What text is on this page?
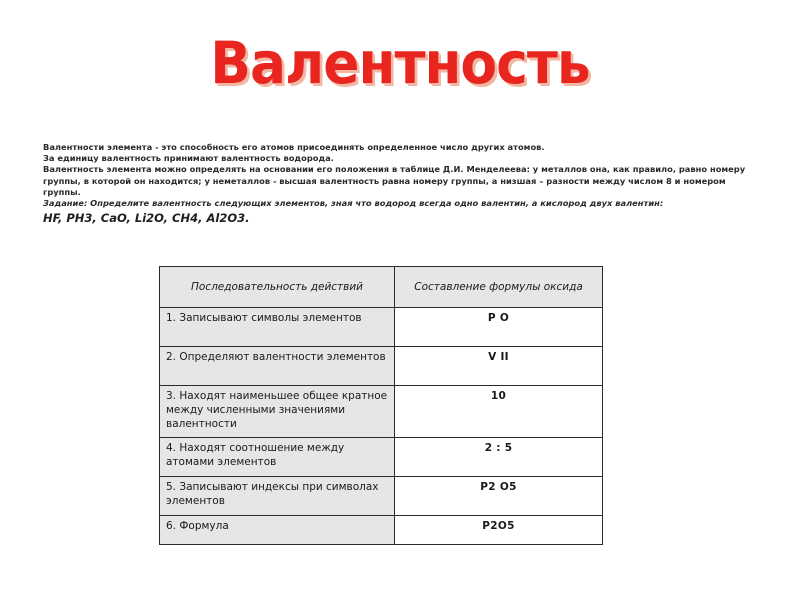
Валентность

Валентности элемента - это способность его атомов присоединять определенное число других атомов.

За единицу валентность принимают валентность водорода.

Валентность элемента можно определять на основании его положения в таблице Д.И. Менделеева: у металлов она, как правило, равно номеру группы, в которой он находится; у неметаллов - высшая валентность равна номеру группы, а низшая – разности между числом 8 и номером группы.

Задание: Определите валентность следующих элементов, зная что водород всегда одно валентин, а кислород двух валентин:

HF, PH3, CaO, Li2O, CH4, Al2O3.

Последовательность действий	Составление формулы оксида
1. Записывают символы элементов	P O
2. Определяют валентности элементов	V II
3. Находят наименьшее общее кратное между численными значениями валентности	10
4. Находят соотношение между атомами элементов	2 : 5
5. Записывают индексы при символах элементов	P2 O5
6. Формула	P2O5
